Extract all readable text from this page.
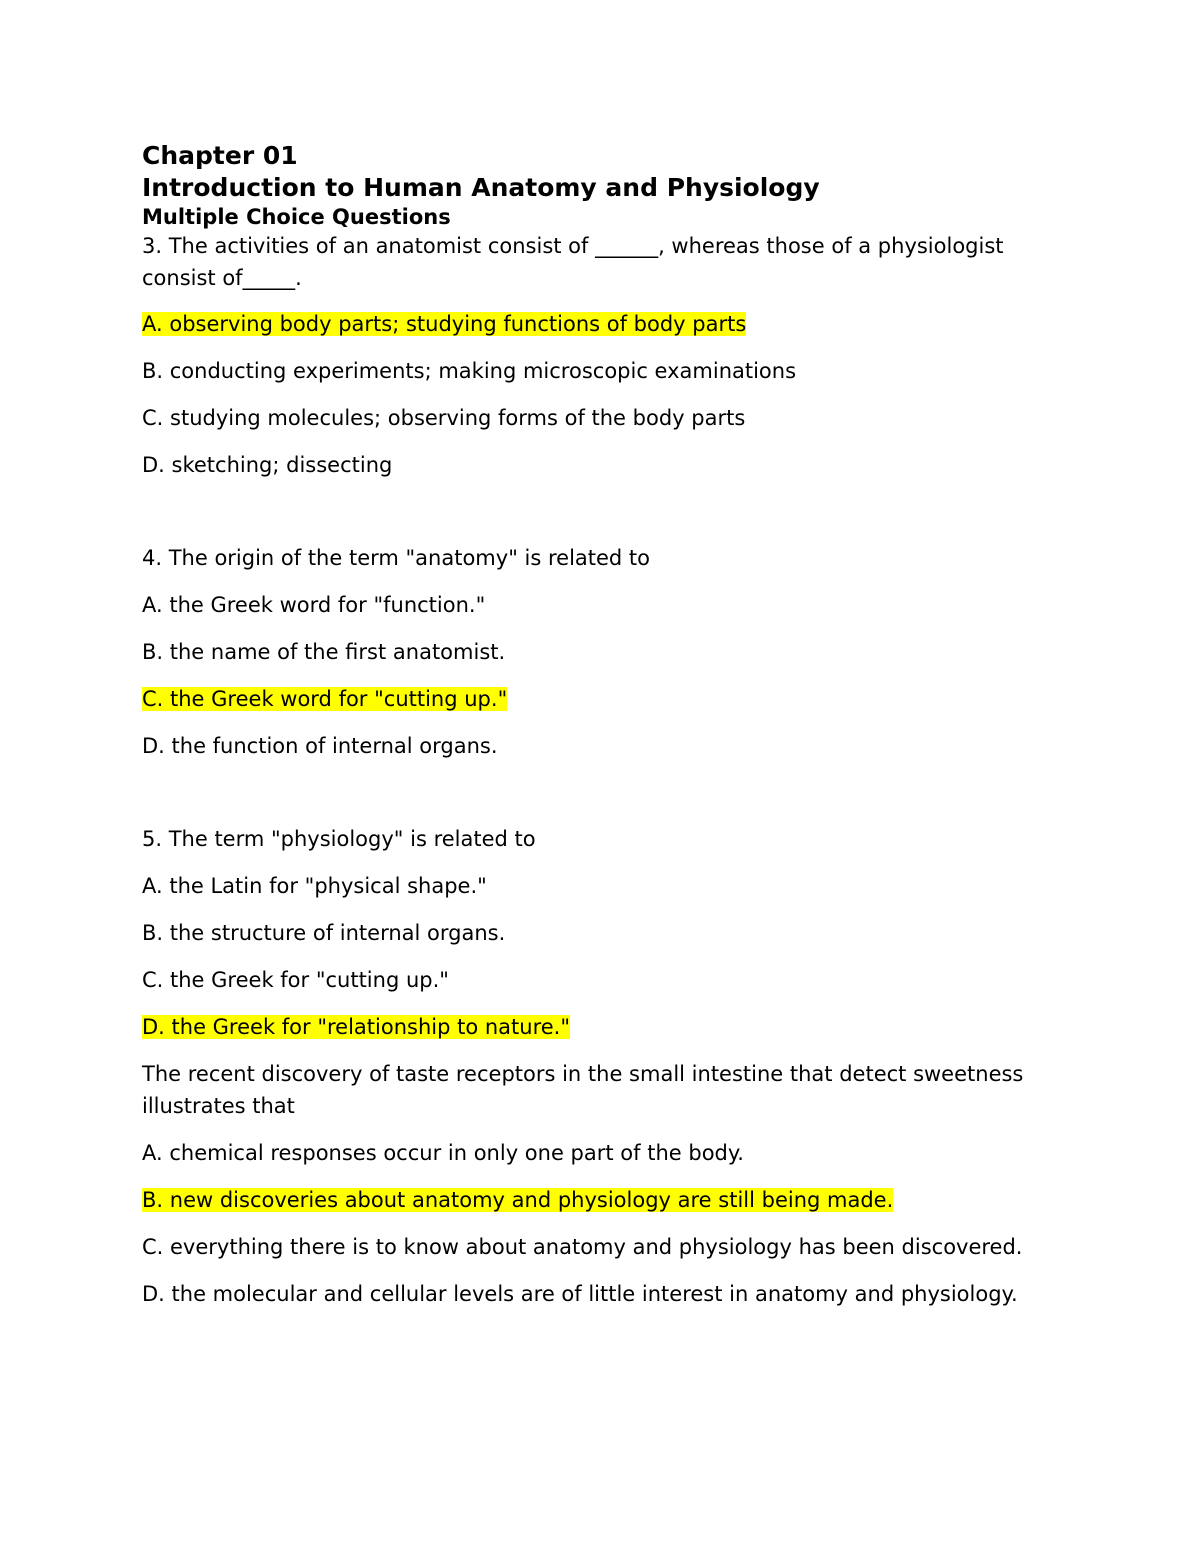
Chapter 01

Introduction to Human Anatomy and Physiology

Multiple Choice Questions

3. The activities of an anatomist consist of ______, whereas those of a physiologist consist of_____.

A. observing body parts; studying functions of body parts

B. conducting experiments; making microscopic examinations

C. studying molecules; observing forms of the body parts

D. sketching; dissecting

4. The origin of the term "anatomy" is related to

A. the Greek word for "function."

B. the name of the first anatomist.

C. the Greek word for "cutting up."

D. the function of internal organs.

5. The term "physiology" is related to

A. the Latin for "physical shape."

B. the structure of internal organs.

C. the Greek for "cutting up."

D. the Greek for "relationship to nature."

The recent discovery of taste receptors in the small intestine that detect sweetness illustrates that

A. chemical responses occur in only one part of the body.

B. new discoveries about anatomy and physiology are still being made.

C. everything there is to know about anatomy and physiology has been discovered.

D. the molecular and cellular levels are of little interest in anatomy and physiology.
